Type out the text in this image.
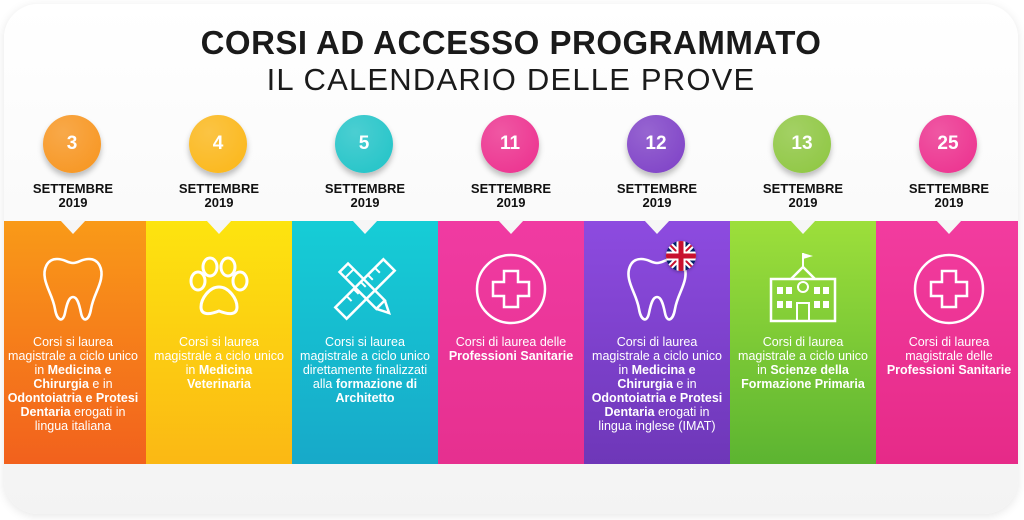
CORSI AD ACCESSO PROGRAMMATO
IL CALENDARIO DELLE PROVE
3
SETTEMBRE
2019
Corsi si laurea magistrale a ciclo unico in Medicina e Chirurgia e in Odontoiatria e Protesi Dentaria erogati in lingua italiana
4
SETTEMBRE
2019
Corsi si laurea magistrale a ciclo unico in Medicina Veterinaria
5
SETTEMBRE
2019
Corsi si laurea magistrale a ciclo unico direttamente finalizzati alla formazione di Architetto
11
SETTEMBRE
2019
Corsi di laurea delle Professioni Sanitarie
12
SETTEMBRE
2019
Corsi di laurea magistrale a ciclo unico in Medicina e Chirurgia e in Odontoiatria e Protesi Dentaria erogati in lingua inglese (IMAT)
13
SETTEMBRE
2019
Corsi di laurea magistrale a ciclo unico in Scienze della Formazione Primaria
25
SETTEMBRE
2019
Corsi di laurea magistrale delle Professioni Sanitarie
